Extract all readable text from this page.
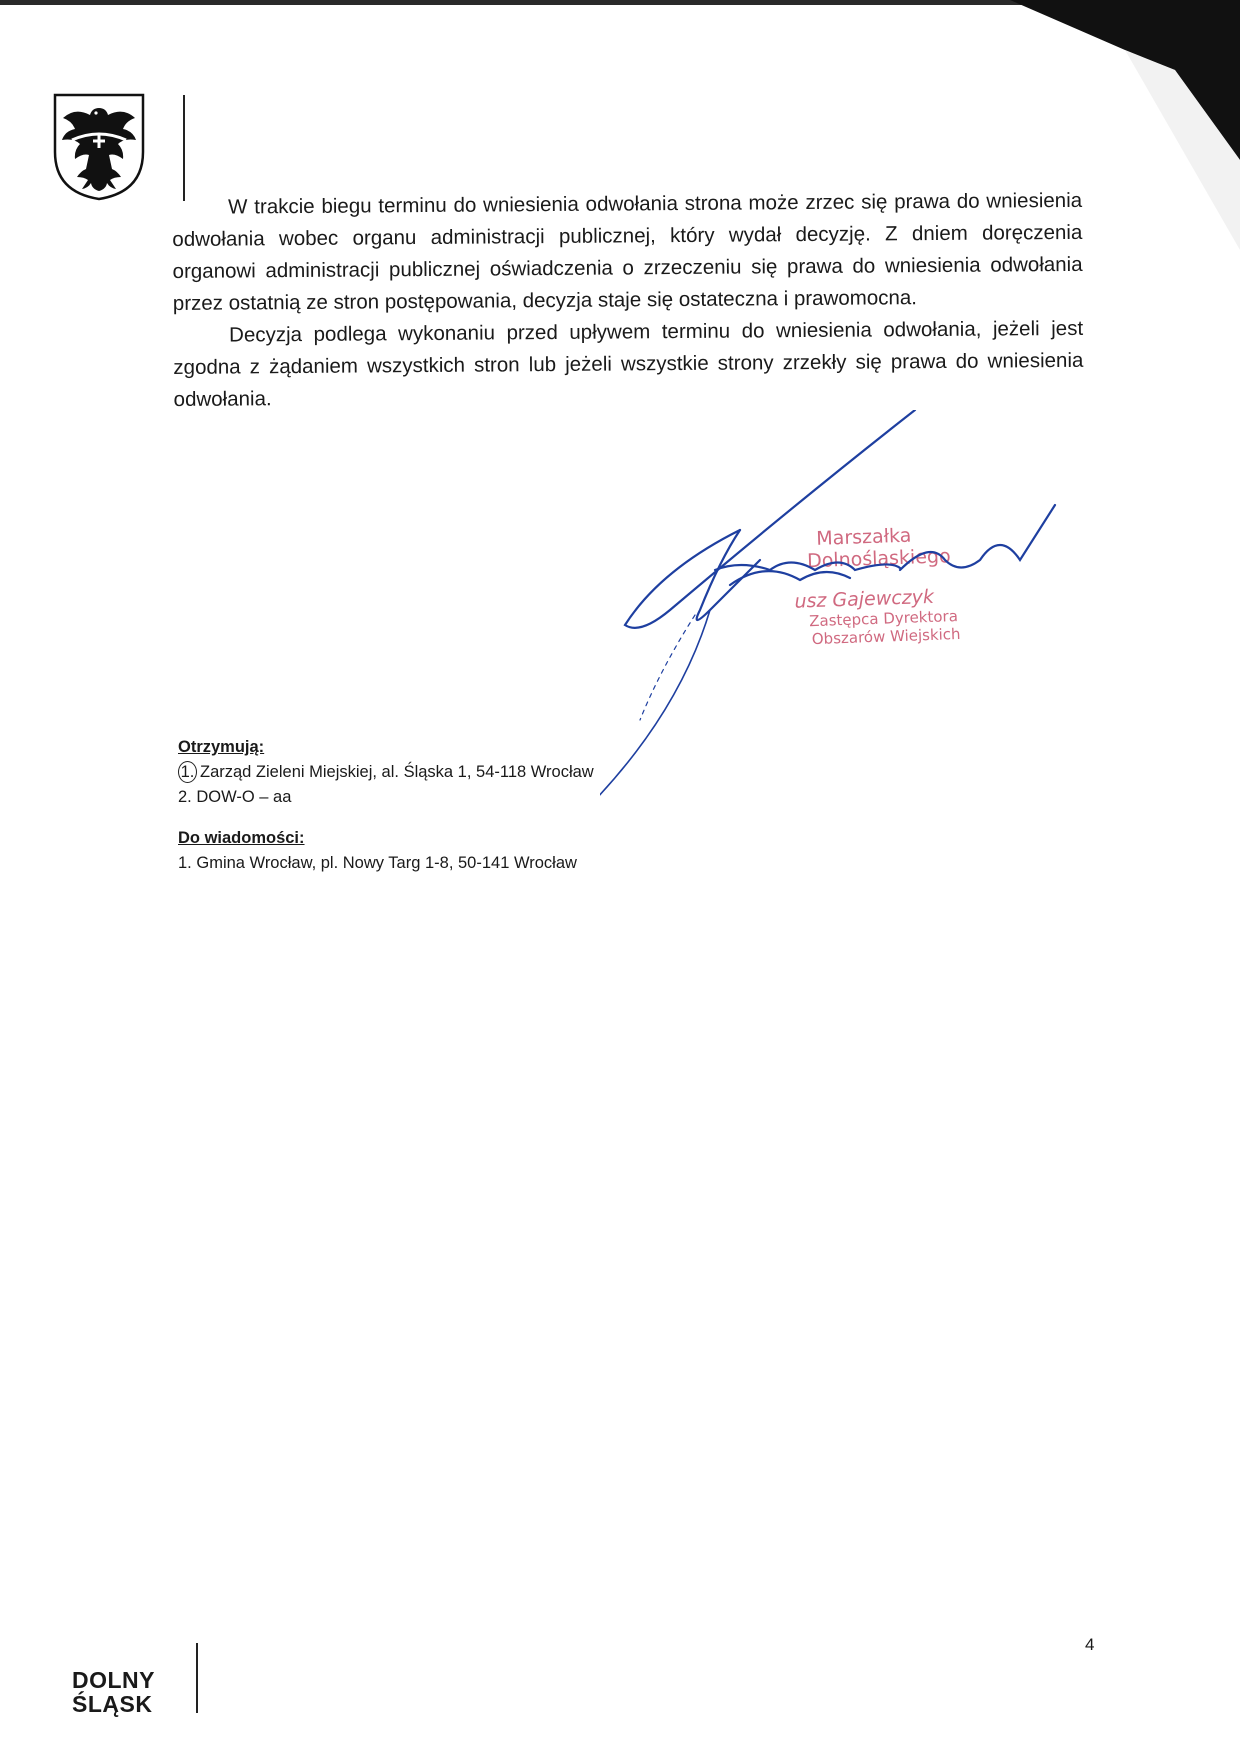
W trakcie biegu terminu do wniesienia odwołania strona może zrzec się prawa do wniesienia odwołania wobec organu administracji publicznej, który wydał decyzję. Z dniem doręczenia organowi administracji publicznej oświadczenia o zrzeczeniu się prawa do wniesienia odwołania przez ostatnią ze stron postępowania, decyzja staje się ostateczna i prawomocna.

Decyzja podlega wykonaniu przed upływem terminu do wniesienia odwołania, jeżeli jest zgodna z żądaniem wszystkich stron lub jeżeli wszystkie strony zrzekły się prawa do wniesienia odwołania.

Marszałka
Dolnośląskiego
usz Gajewczyk
Zastępca Dyrektora
Obszarów Wiejskich
Otrzymują:
1. Zarząd Zieleni Miejskiej, al. Śląska 1, 54-118 Wrocław
2. DOW-O – aa
Do wiadomości:
1. Gmina Wrocław, pl. Nowy Targ 1-8, 50-141 Wrocław
4
DOLNY
ŚLĄSK
